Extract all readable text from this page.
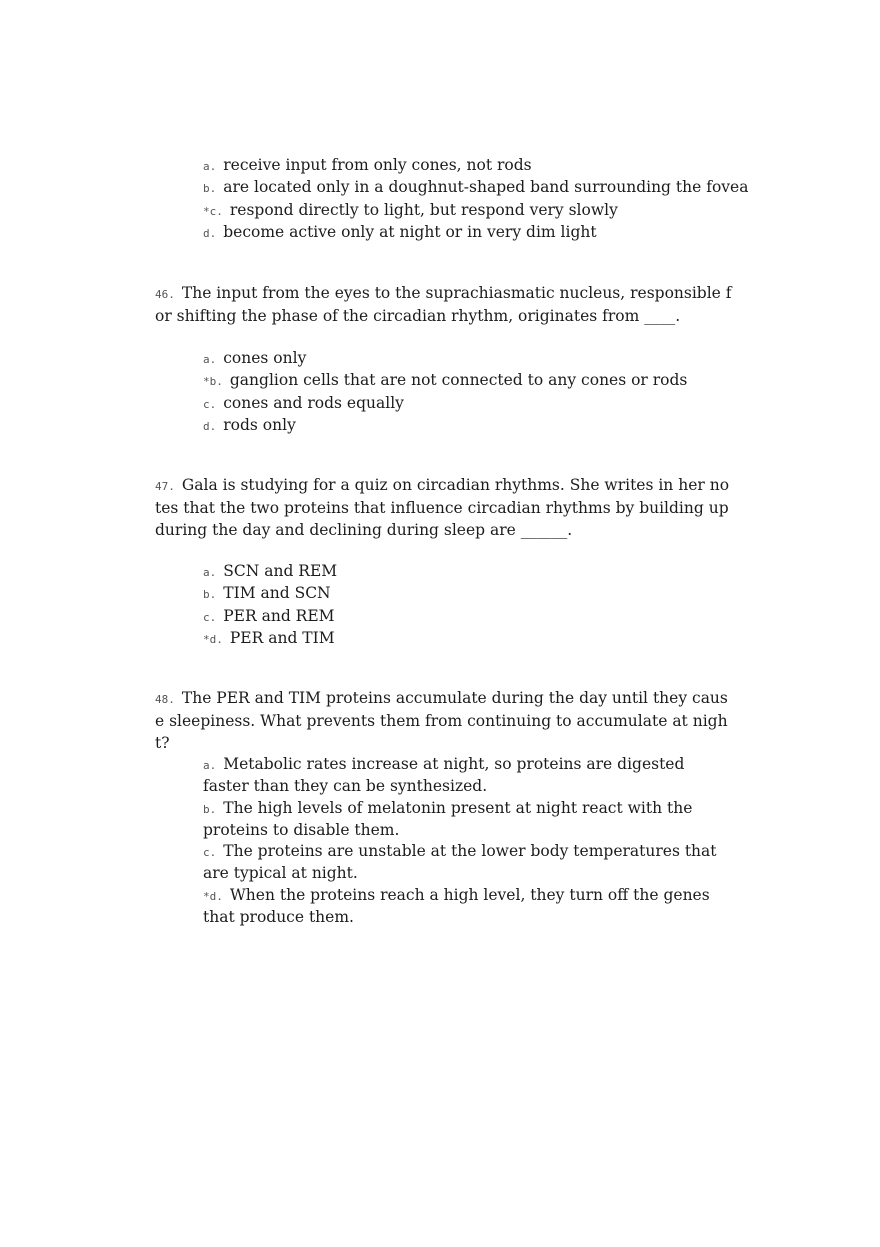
a. receive input from only cones, not rods
b. are located only in a doughnut-shaped band surrounding the fovea
*c. respond directly to light, but respond very slowly
d. become active only at night or in very dim light
46. The input from the eyes to the suprachiasmatic nucleus, responsible for shifting the phase of the circadian rhythm, originates from ____.
a. cones only
*b. ganglion cells that are not connected to any cones or rods
c. cones and rods equally
d. rods only
47. Gala is studying for a quiz on circadian rhythms. She writes in her notes that the two proteins that influence circadian rhythms by building up during the day and declining during sleep are ______.
a. SCN and REM
b. TIM and SCN
c. PER and REM
*d. PER and TIM
48. The PER and TIM proteins accumulate during the day until they cause sleepiness. What prevents them from continuing to accumulate at night?
a. Metabolic rates increase at night, so proteins are digested faster than they can be synthesized.
b. The high levels of melatonin present at night react with the proteins to disable them.
c. The proteins are unstable at the lower body temperatures that are typical at night.
*d. When the proteins reach a high level, they turn off the genes that produce them.
